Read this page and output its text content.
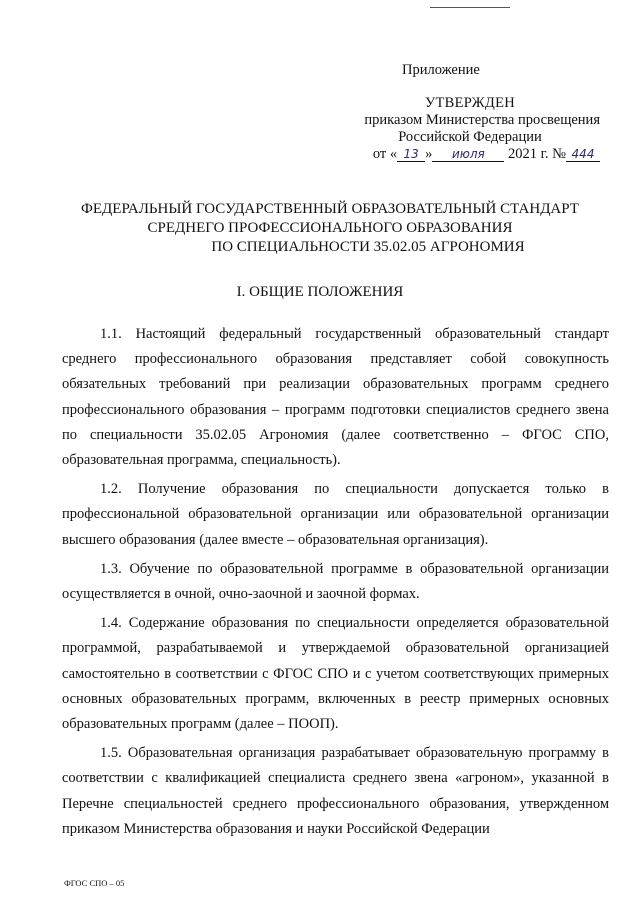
Приложение
УТВЕРЖДЕН
приказом Министерства просвещения
Российской Федерации
от « 13 » июля 2021 г. № 444
ФЕДЕРАЛЬНЫЙ ГОСУДАРСТВЕННЫЙ ОБРАЗОВАТЕЛЬНЫЙ СТАНДАРТ
СРЕДНЕГО ПРОФЕССИОНАЛЬНОГО ОБРАЗОВАНИЯ
ПО СПЕЦИАЛЬНОСТИ 35.02.05 АГРОНОМИЯ
I. ОБЩИЕ ПОЛОЖЕНИЯ

1.1. Настоящий федеральный государственный образовательный стандарт среднего профессионального образования представляет собой совокупность обязательных требований при реализации образовательных программ среднего профессионального образования – программ подготовки специалистов среднего звена по специальности 35.02.05 Агрономия (далее соответственно – ФГОС СПО, образовательная программа, специальность).

1.2. Получение образования по специальности допускается только в профессиональной образовательной организации или образовательной организации высшего образования (далее вместе – образовательная организация).

1.3. Обучение по образовательной программе в образовательной организации осуществляется в очной, очно-заочной и заочной формах.

1.4. Содержание образования по специальности определяется образовательной программой, разрабатываемой и утверждаемой образовательной организацией самостоятельно в соответствии с ФГОС СПО и с учетом соответствующих примерных основных образовательных программ, включенных в реестр примерных основных образовательных программ (далее – ПООП).

1.5. Образовательная организация разрабатывает образовательную программу в соответствии с квалификацией специалиста среднего звена «агроном», указанной в Перечне специальностей среднего профессионального образования, утвержденном приказом Министерства образования и науки Российской Федерации

ФГОС СПО – 05
